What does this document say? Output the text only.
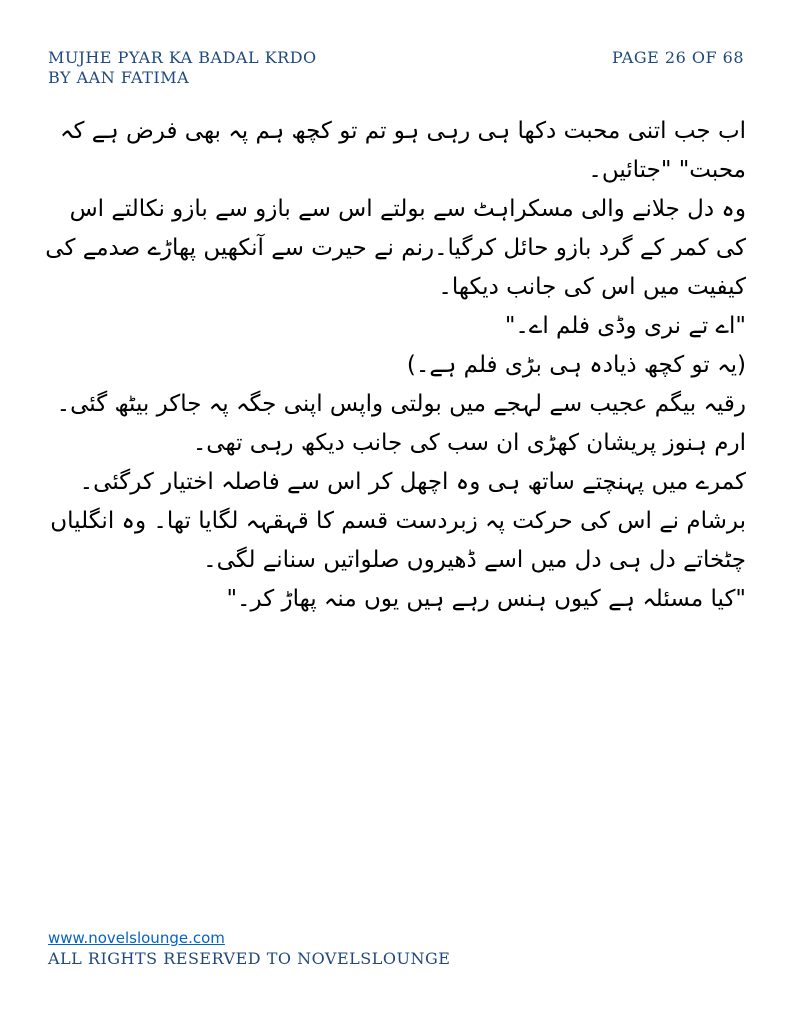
MUJHE PYAR KA BADAL KRDO
BY AAN FATIMA
PAGE 26 OF 68

اب جب اتنی محبت دکھا ہی رہی ہو تم تو کچھ ہم پہ بھی فرض ہے کہ محبت" "جتائیں۔

وہ دل جلانے والی مسکراہٹ سے بولتے اس سے بازو سے بازو نکالتے اس کی کمر کے گرد بازو حائل کرگیا۔رنم نے حیرت سے آنکھیں پھاڑے صدمے کی کیفیت میں اس کی جانب دیکھا۔

"اے تے نری وڈی فلم اے۔"

(یہ تو کچھ ذیادہ ہی بڑی فلم ہے۔)

رقیہ بیگم عجیب سے لہجے میں بولتی واپس اپنی جگہ پہ جاکر بیٹھ گئی۔ارم ہنوز پریشان کھڑی ان سب کی جانب دیکھ رہی تھی۔

کمرے میں پہنچتے ساتھ ہی وہ اچھل کر اس سے فاصلہ اختیار کرگئی۔ برشام نے اس کی حرکت پہ زبردست قسم کا قہقہہ لگایا تھا۔ وہ انگلیاں چٹخاتے دل ہی دل میں اسے ڈھیروں صلواتیں سنانے لگی۔

"کیا مسئلہ ہے کیوں ہنس رہے ہیں یوں منہ پھاڑ کر۔"

www.novelslounge.com
ALL RIGHTS RESERVED TO NOVELSLOUNGE
